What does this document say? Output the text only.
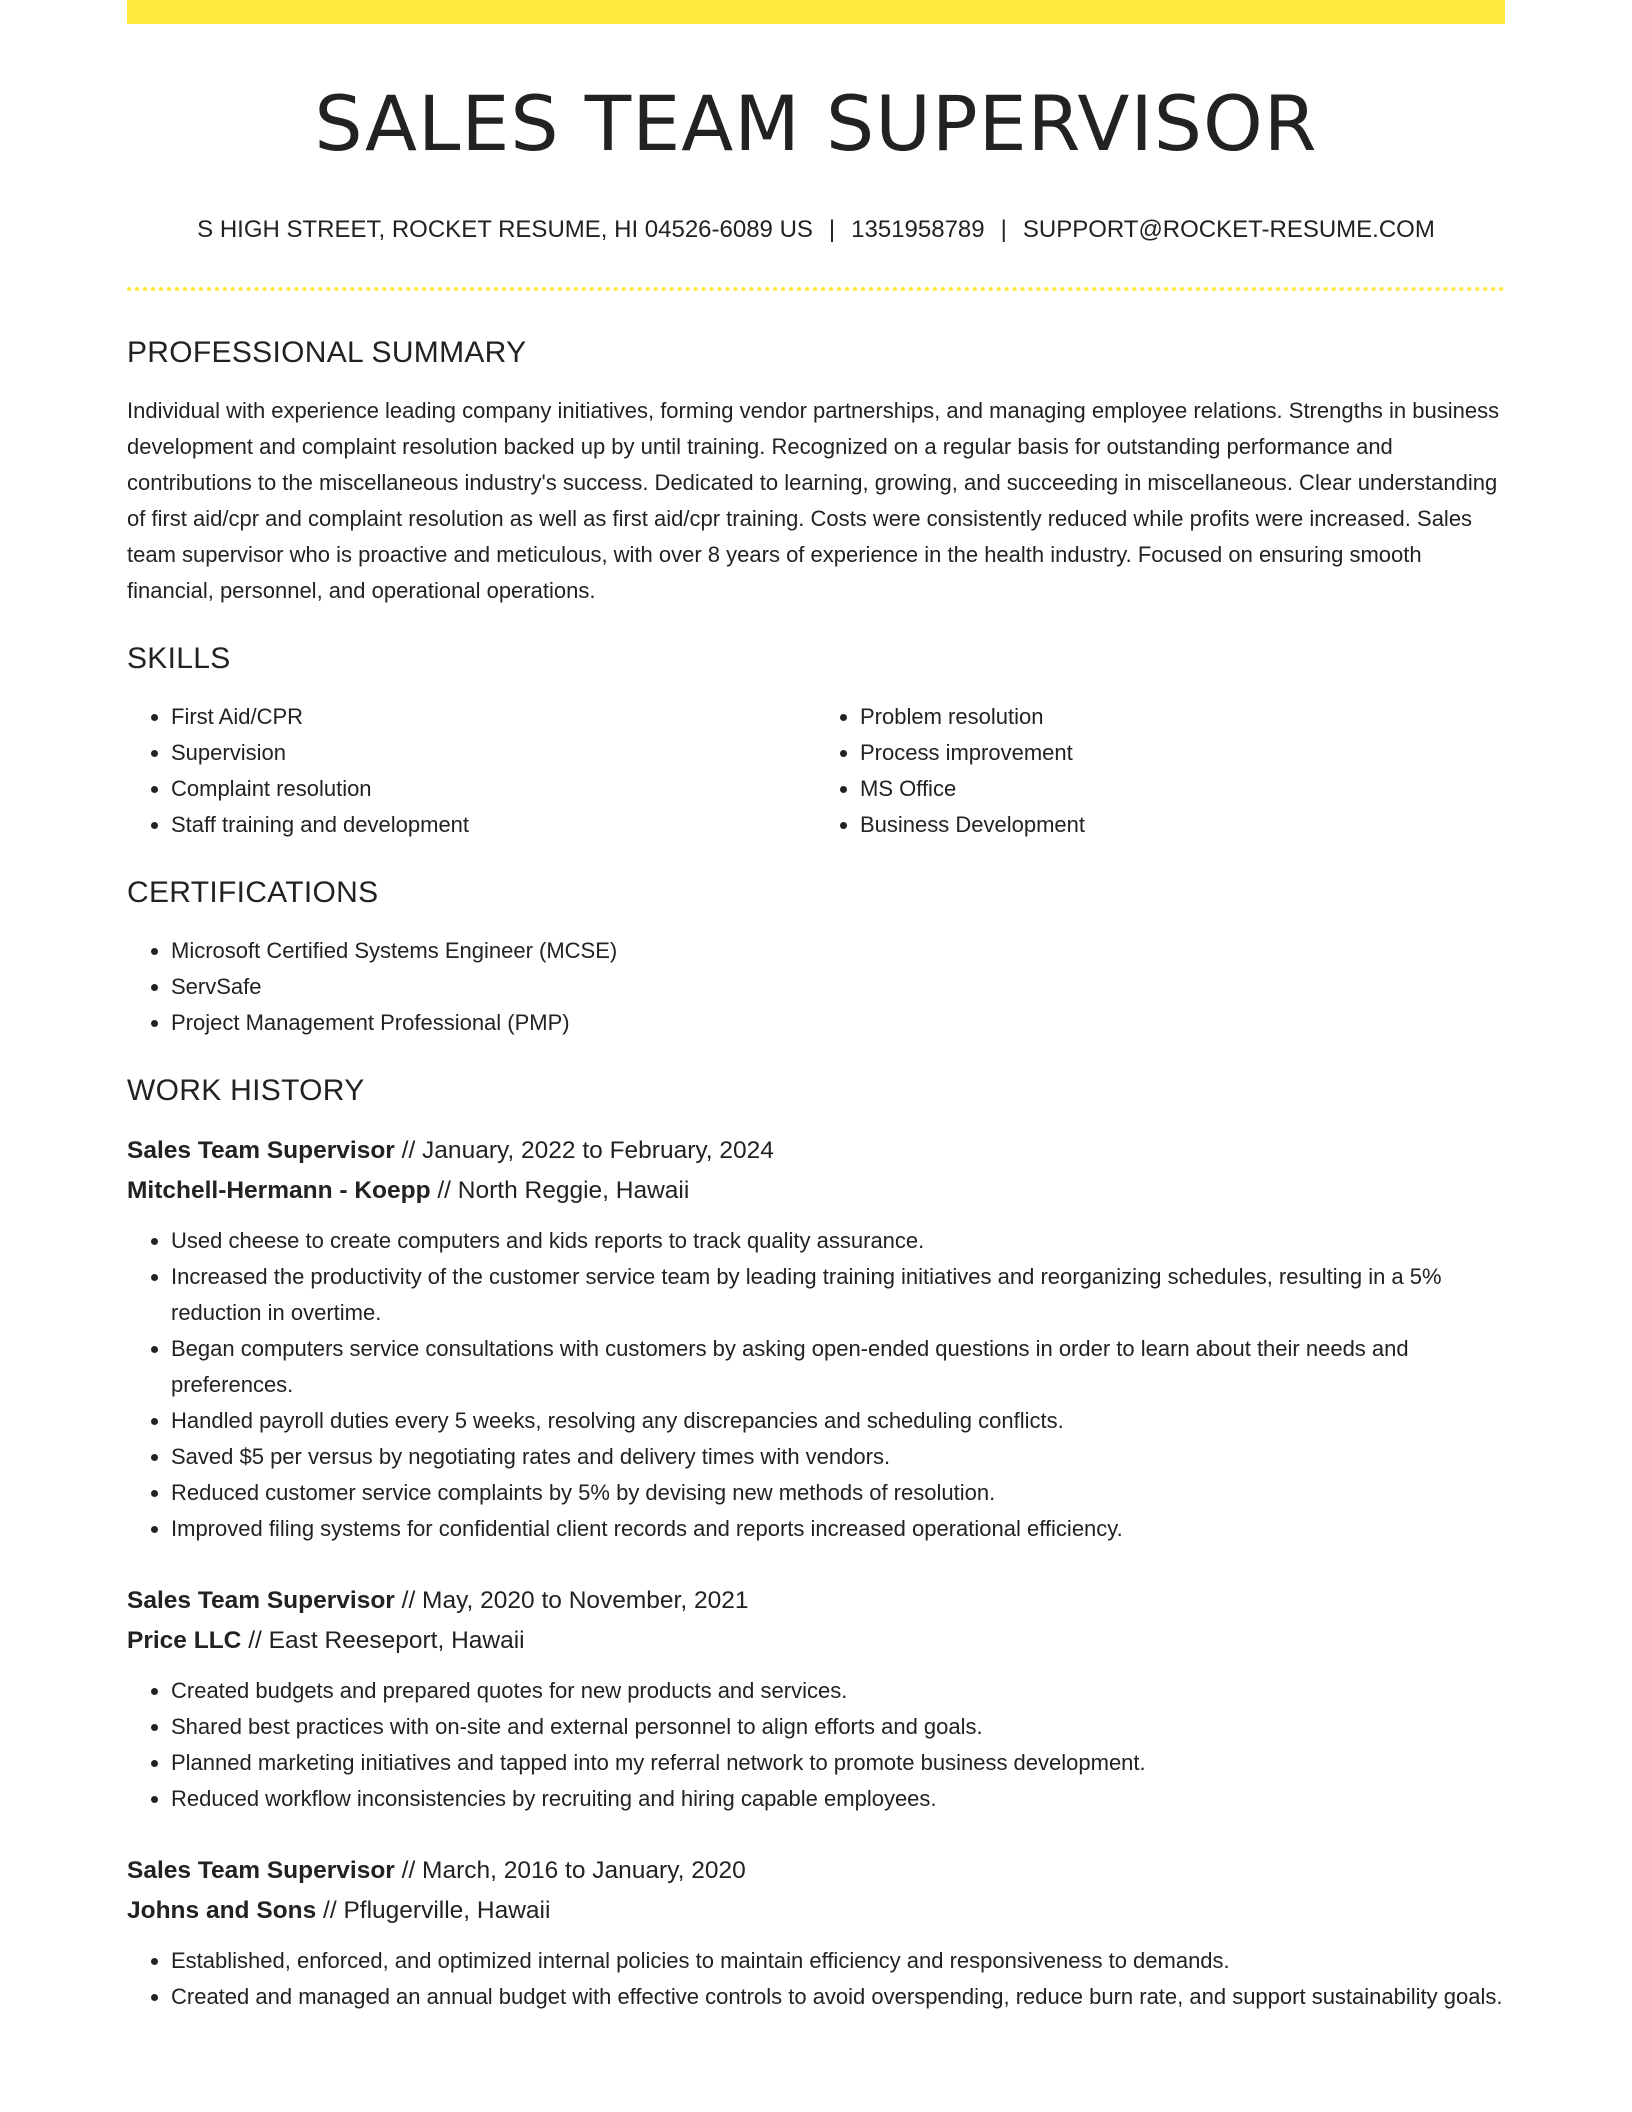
SALES TEAM SUPERVISOR
S HIGH STREET, ROCKET RESUME, HI 04526-6089 US | 1351958789 | SUPPORT@ROCKET-RESUME.COM
PROFESSIONAL SUMMARY
Individual with experience leading company initiatives, forming vendor partnerships, and managing employee relations. Strengths in business development and complaint resolution backed up by until training. Recognized on a regular basis for outstanding performance and contributions to the miscellaneous industry's success. Dedicated to learning, growing, and succeeding in miscellaneous. Clear understanding of first aid/cpr and complaint resolution as well as first aid/cpr training. Costs were consistently reduced while profits were increased. Sales team supervisor who is proactive and meticulous, with over 8 years of experience in the health industry. Focused on ensuring smooth financial, personnel, and operational operations.
SKILLS
• First Aid/CPR
• Supervision
• Complaint resolution
• Staff training and development
• Problem resolution
• Process improvement
• MS Office
• Business Development
CERTIFICATIONS
• Microsoft Certified Systems Engineer (MCSE)
• ServSafe
• Project Management Professional (PMP)
WORK HISTORY
Sales Team Supervisor // January, 2022 to February, 2024
Mitchell-Hermann - Koepp // North Reggie, Hawaii
• Used cheese to create computers and kids reports to track quality assurance.
• Increased the productivity of the customer service team by leading training initiatives and reorganizing schedules, resulting in a 5% reduction in overtime.
• Began computers service consultations with customers by asking open-ended questions in order to learn about their needs and preferences.
• Handled payroll duties every 5 weeks, resolving any discrepancies and scheduling conflicts.
• Saved $5 per versus by negotiating rates and delivery times with vendors.
• Reduced customer service complaints by 5% by devising new methods of resolution.
• Improved filing systems for confidential client records and reports increased operational efficiency.
Sales Team Supervisor // May, 2020 to November, 2021
Price LLC // East Reeseport, Hawaii
• Created budgets and prepared quotes for new products and services.
• Shared best practices with on-site and external personnel to align efforts and goals.
• Planned marketing initiatives and tapped into my referral network to promote business development.
• Reduced workflow inconsistencies by recruiting and hiring capable employees.
Sales Team Supervisor // March, 2016 to January, 2020
Johns and Sons // Pflugerville, Hawaii
• Established, enforced, and optimized internal policies to maintain efficiency and responsiveness to demands.
• Created and managed an annual budget with effective controls to avoid overspending, reduce burn rate, and support sustainability goals.
